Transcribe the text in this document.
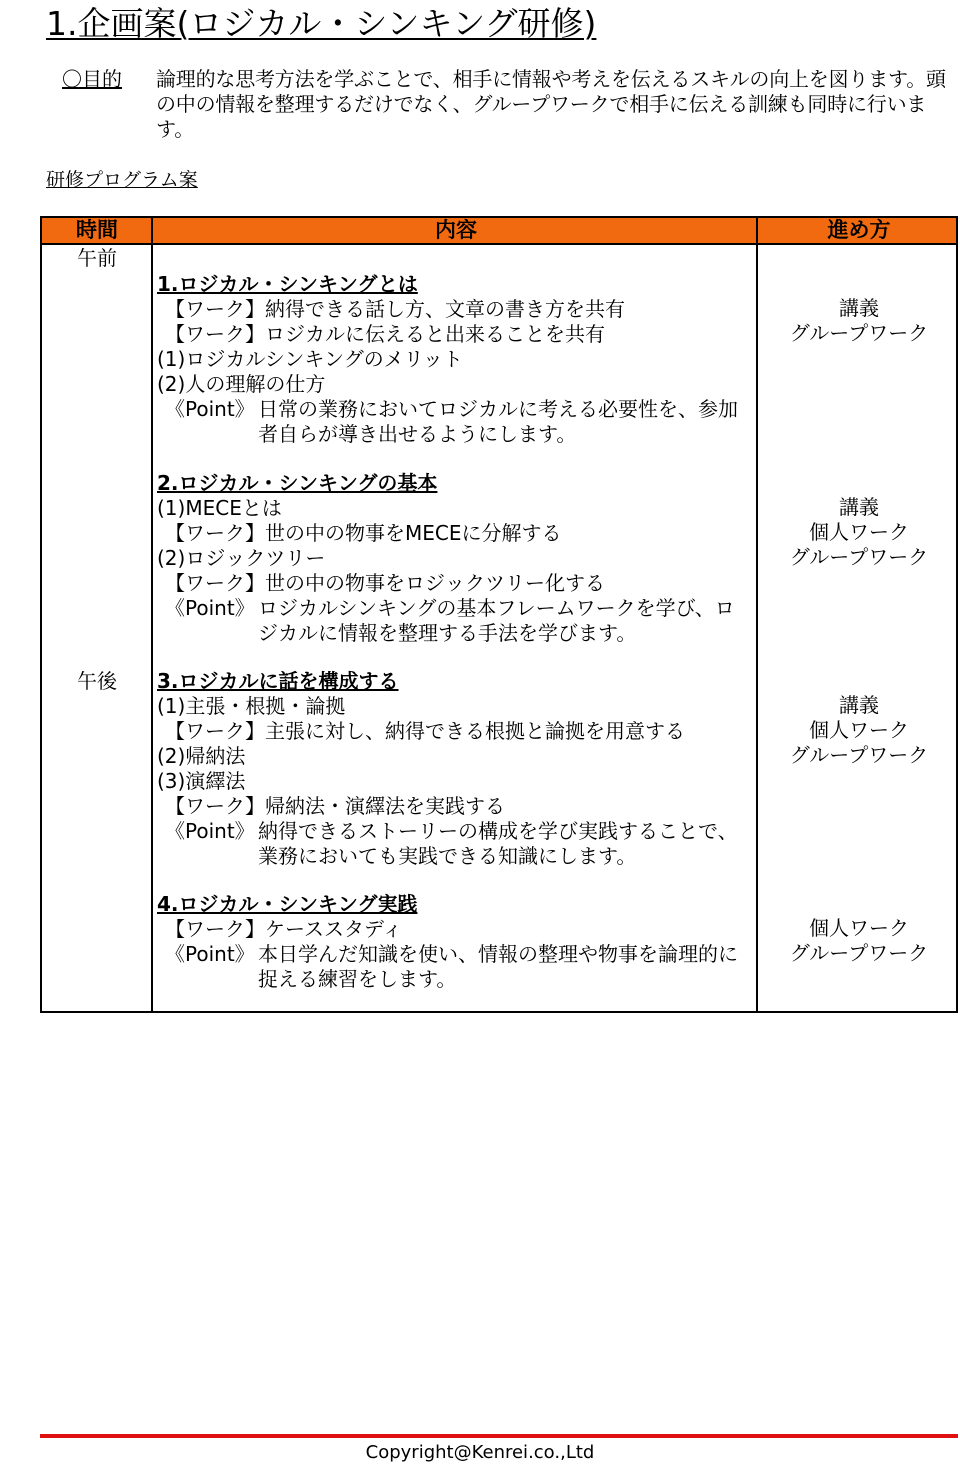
1.企画案(ロジカル・シンキング研修)
〇目的 論理的な思考方法を学ぶことで、相手に情報や考えを伝えるスキルの向上を図ります。頭の中の情報を整理するだけでなく、グループワークで相手に伝える訓練も同時に行います。
研修プログラム案
時間	内容	進め方
午前
午後
1.ロジカル・シンキングとは
【ワーク】納得できる話し方、文章の書き方を共有
【ワーク】ロジカルに伝えると出来ることを共有
(1)ロジカルシンキングのメリット
(2)人の理解の仕方
《Point》 日常の業務においてロジカルに考える必要性を、参加者自らが導き出せるようにします。
講義
グループワーク
2.ロジカル・シンキングの基本
(1)MECEとは
【ワーク】世の中の物事をMECEに分解する
(2)ロジックツリー
【ワーク】世の中の物事をロジックツリー化する
《Point》 ロジカルシンキングの基本フレームワークを学び、ロジカルに情報を整理する手法を学びます。
講義
個人ワーク
グループワーク
3.ロジカルに話を構成する
(1)主張・根拠・論拠
【ワーク】主張に対し、納得できる根拠と論拠を用意する
(2)帰納法
(3)演繹法
【ワーク】帰納法・演繹法を実践する
《Point》 納得できるストーリーの構成を学び実践することで、業務においても実践できる知識にします。
講義
個人ワーク
グループワーク
4.ロジカル・シンキング実践
【ワーク】ケーススタディ
《Point》 本日学んだ知識を使い、情報の整理や物事を論理的に捉える練習をします。
個人ワーク
グループワーク
Copyright@Kenrei.co.,Ltd
